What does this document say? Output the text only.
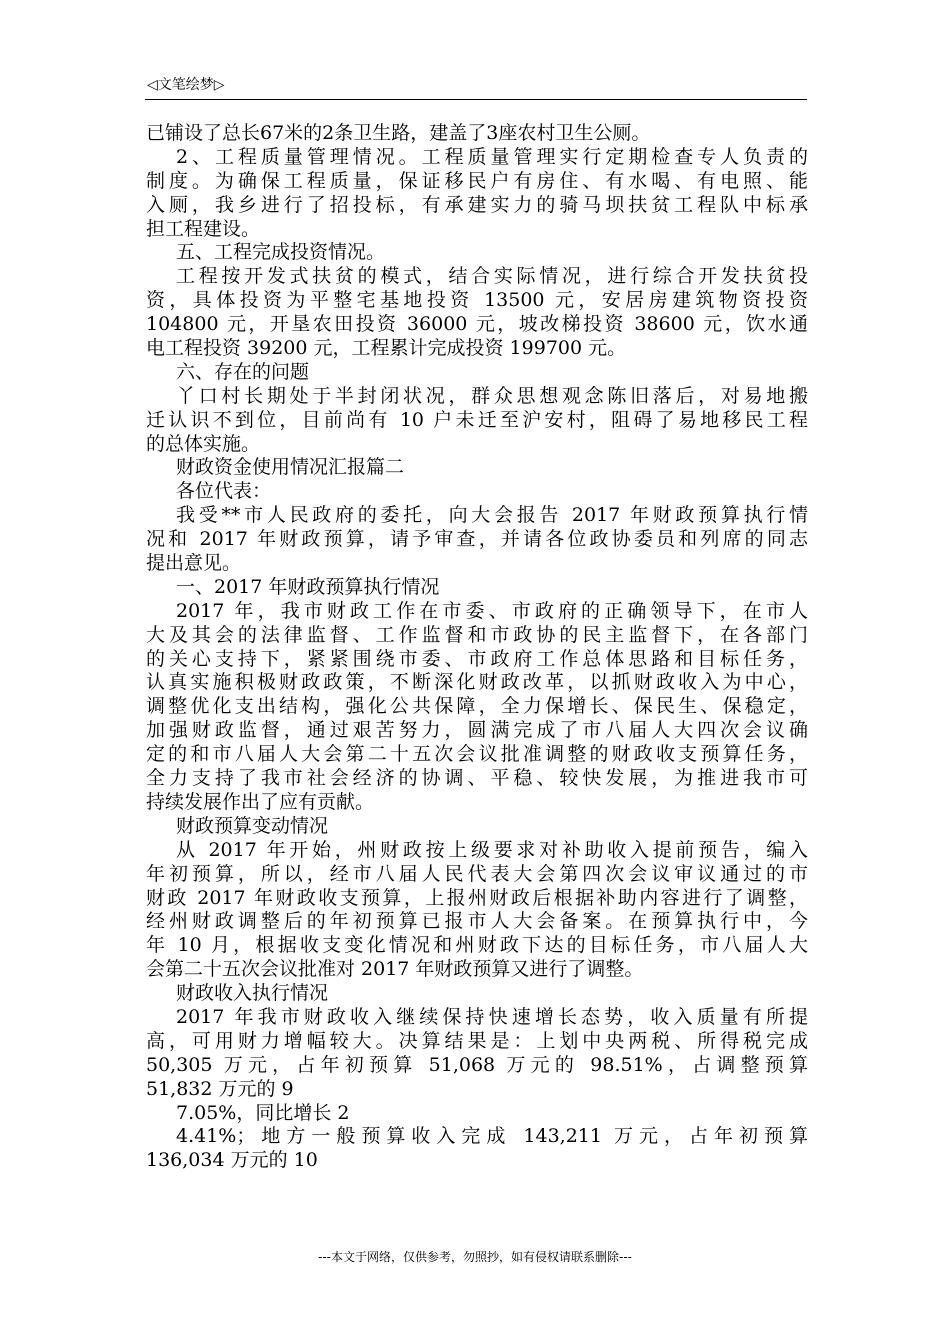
◁文笔绘梦▷
已铺设了总长67米的2条卫生路，建盖了3座农村卫生公厕。
2、工程质量管理情况。工程质量管理实行定期检查专人负责的
制度。为确保工程质量，保证移民户有房住、有水喝、有电照、能
入厕，我乡进行了招投标，有承建实力的骑马坝扶贫工程队中标承
担工程建设。
五、工程完成投资情况。
工程按开发式扶贫的模式，结合实际情况，进行综合开发扶贫投
资，具体投资为平整宅基地投资 13500 元，安居房建筑物资投资
104800 元，开垦农田投资 36000 元，坡改梯投资 38600 元，饮水通
电工程投资 39200 元，工程累计完成投资 199700 元。
六、存在的问题
丫口村长期处于半封闭状况，群众思想观念陈旧落后，对易地搬
迁认识不到位，目前尚有 10 户未迁至沪安村，阻碍了易地移民工程
的总体实施。
财政资金使用情况汇报篇二
各位代表：
我受**市人民政府的委托，向大会报告 2017 年财政预算执行情
况和 2017 年财政预算，请予审查，并请各位政协委员和列席的同志
提出意见。
一、2017 年财政预算执行情况
2017 年，我市财政工作在市委、市政府的正确领导下，在市人
大及其会的法律监督、工作监督和市政协的民主监督下，在各部门
的关心支持下，紧紧围绕市委、市政府工作总体思路和目标任务，
认真实施积极财政政策，不断深化财政改革，以抓财政收入为中心，
调整优化支出结构，强化公共保障，全力保增长、保民生、保稳定，
加强财政监督，通过艰苦努力，圆满完成了市八届人大四次会议确
定的和市八届人大会第二十五次会议批准调整的财政收支预算任务，
全力支持了我市社会经济的协调、平稳、较快发展，为推进我市可
持续发展作出了应有贡献。
财政预算变动情况
从 2017 年开始，州财政按上级要求对补助收入提前预告，编入
年初预算，所以，经市八届人民代表大会第四次会议审议通过的市
财政 2017 年财政收支预算，上报州财政后根据补助内容进行了调整，
经州财政调整后的年初预算已报市人大会备案。在预算执行中，今
年 10 月，根据收支变化情况和州财政下达的目标任务，市八届人大
会第二十五次会议批准对 2017 年财政预算又进行了调整。
财政收入执行情况
2017 年我市财政收入继续保持快速增长态势，收入质量有所提
高，可用财力增幅较大。决算结果是：上划中央两税、所得税完成
50,305 万元，占年初预算 51,068 万元的 98.51%，占调整预算
51,832 万元的 9
7.05%，同比增长 2
4.41%；地方一般预算收入完成 143,211 万元，占年初预算
136,034 万元的 10
---本文于网络，仅供参考，勿照抄，如有侵权请联系删除---
